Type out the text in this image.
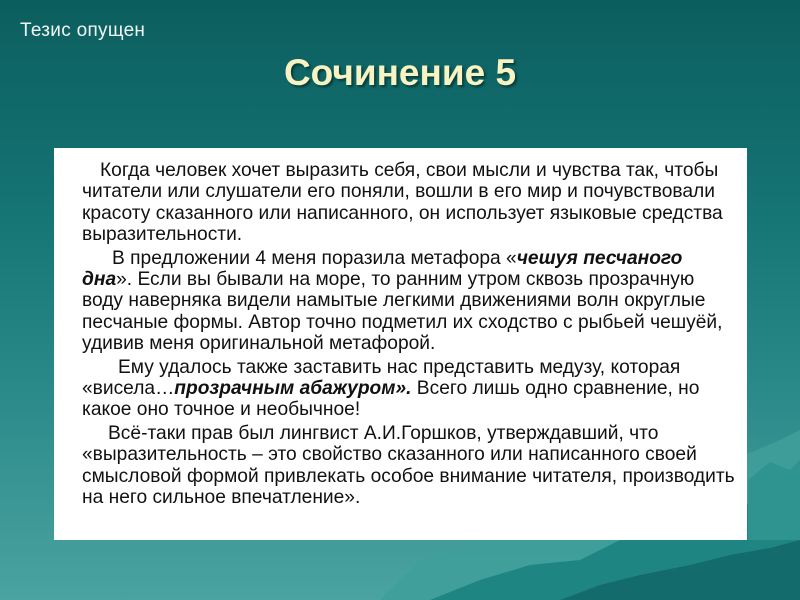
Тезис опущен
Сочинение 5

Когда человек хочет выразить себя, свои мысли и чувства так, чтобы читатели или слушатели его поняли, вошли в его мир и почувствовали красоту сказанного или написанного, он использует языковые средства выразительности.

В предложении 4 меня поразила метафора «чешуя песчаного дна». Если вы бывали на море, то ранним утром сквозь прозрачную воду наверняка видели намытые легкими движениями волн округлые песчаные формы. Автор точно подметил их сходство с рыбьей чешуёй, удивив меня оригинальной метафорой.

Ему удалось также заставить нас представить медузу, которая «висела…прозрачным абажуром». Всего лишь одно сравнение, но какое оно точное и необычное!

Всё-таки прав был лингвист А.И.Горшков, утверждавший, что «выразительность – это свойство сказанного или написанного своей смысловой формой привлекать особое внимание читателя, производить на него сильное впечатление».
